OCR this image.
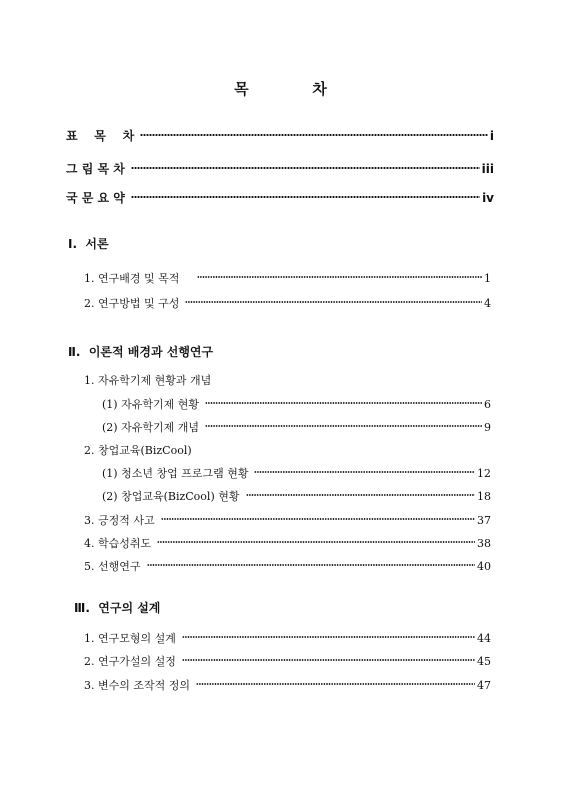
목   차
표    목    차	i
그 림 목 차	iii
국 문 요 약	iv
Ⅰ.  서론
1. 연구배경 및 목적	1
2. 연구방법 및 구성	4
Ⅱ.  이론적 배경과 선행연구
1. 자유학기제 현황과 개념
(1) 자유학기제 현황	6
(2) 자유학기제 개념	9
2. 창업교육(BizCool)
(1) 청소년 창업 프로그램 현황	12
(2) 창업교육(BizCool) 현황	18
3. 긍정적 사고	37
4. 학습성취도	38
5. 선행연구	40
Ⅲ.  연구의 설계
1. 연구모형의 설계	44
2. 연구가설의 설정	45
3. 변수의 조작적 정의	47
